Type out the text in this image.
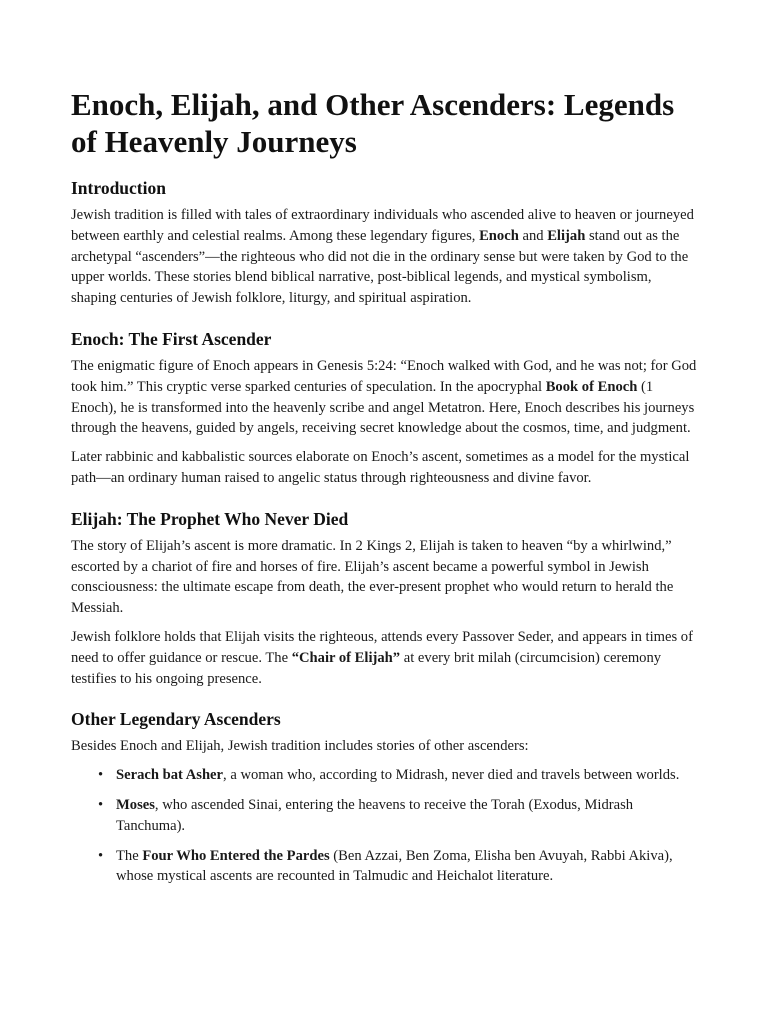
Enoch, Elijah, and Other Ascenders: Legends of Heavenly Journeys
Introduction

Jewish tradition is filled with tales of extraordinary individuals who ascended alive to heaven or journeyed between earthly and celestial realms. Among these legendary figures, Enoch and Elijah stand out as the archetypal “ascenders”—the righteous who did not die in the ordinary sense but were taken by God to the upper worlds. These stories blend biblical narrative, post-biblical legends, and mystical symbolism, shaping centuries of Jewish folklore, liturgy, and spiritual aspiration.

Enoch: The First Ascender

The enigmatic figure of Enoch appears in Genesis 5:24: “Enoch walked with God, and he was not; for God took him.” This cryptic verse sparked centuries of speculation. In the apocryphal Book of Enoch (1 Enoch), he is transformed into the heavenly scribe and angel Metatron. Here, Enoch describes his journeys through the heavens, guided by angels, receiving secret knowledge about the cosmos, time, and judgment.

Later rabbinic and kabbalistic sources elaborate on Enoch’s ascent, sometimes as a model for the mystical path—an ordinary human raised to angelic status through righteousness and divine favor.

Elijah: The Prophet Who Never Died

The story of Elijah’s ascent is more dramatic. In 2 Kings 2, Elijah is taken to heaven “by a whirlwind,” escorted by a chariot of fire and horses of fire. Elijah’s ascent became a powerful symbol in Jewish consciousness: the ultimate escape from death, the ever-present prophet who would return to herald the Messiah.

Jewish folklore holds that Elijah visits the righteous, attends every Passover Seder, and appears in times of need to offer guidance or rescue. The “Chair of Elijah” at every brit milah (circumcision) ceremony testifies to his ongoing presence.

Other Legendary Ascenders

Besides Enoch and Elijah, Jewish tradition includes stories of other ascenders:

• Serach bat Asher, a woman who, according to Midrash, never died and travels between worlds.
• Moses, who ascended Sinai, entering the heavens to receive the Torah (Exodus, Midrash Tanchuma).
• The Four Who Entered the Pardes (Ben Azzai, Ben Zoma, Elisha ben Avuyah, Rabbi Akiva), whose mystical ascents are recounted in Talmudic and Heichalot literature.
